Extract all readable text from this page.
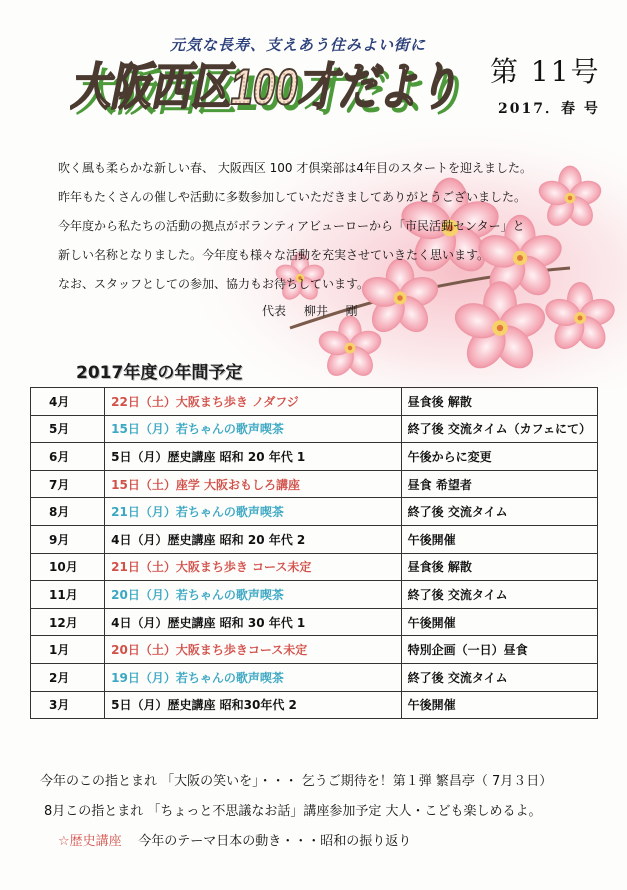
元気な長寿、支えあう住みよい街に
大阪西区100才だより
大阪西区100才だより 第 11号
2017．春 号

吹く風も柔らかな新しい春、 大阪西区 100 才倶楽部は4年目のスタートを迎えました。

昨年もたくさんの催しや活動に多数参加していただきましてありがとうございました。

今年度から私たちの活動の拠点がボランティアビューローから「市民活動センター」と

新しい名称となりました。今年度も様々な活動を充実させていきたく思います。

なお、スタッフとしての参加、協力もお待ちしています。

代表 柳井 剛
2017年度の年間予定
4月	22日（土）大阪まち歩き ノダフジ	昼食後 解散
5月	15日（月）若ちゃんの歌声喫茶	終了後 交流タイム（カフェにて）
6月	5日（月）歴史講座 昭和 20 年代 1	午後からに変更
7月	15日（土）座学 大阪おもしろ講座	昼食 希望者
8月	21日（月）若ちゃんの歌声喫茶	終了後 交流タイム
9月	4日（月）歴史講座 昭和 20 年代 2	午後開催
10月	21日（土）大阪まち歩き コース未定	昼食後 解散
11月	20日（月）若ちゃんの歌声喫茶	終了後 交流タイム
12月	4日（月）歴史講座 昭和 30 年代 1	午後開催
1月	20日（土）大阪まち歩きコース未定	特別企画（一日）昼食
2月	19日（月）若ちゃんの歌声喫茶	終了後 交流タイム
3月	5日（月）歴史講座 昭和30年代 2	午後開催

今年のこの指とまれ 「大阪の笑いを」・・・ 乞うご期待を！第１弾 繁昌亭（ 7月３日）

8月この指とまれ 「ちょっと不思議なお話」講座参加予定 大人・こども楽しめるよ。

☆歴史講座 今年のテーマ日本の動き・・・昭和の振り返り
